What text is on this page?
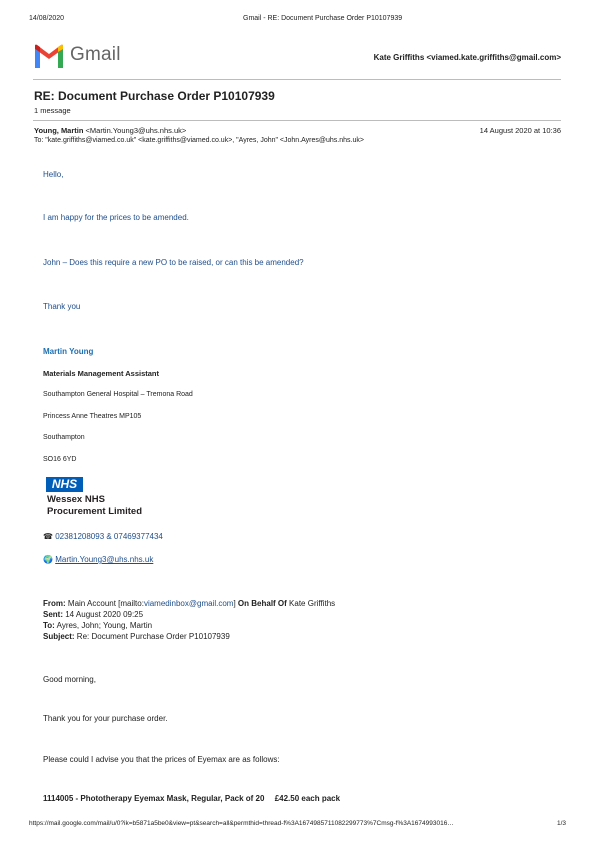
14/08/2020	Gmail - RE: Document Purchase Order P10107939
Gmail	Kate Griffiths <viamed.kate.griffiths@gmail.com>
RE: Document Purchase Order P10107939
1 message
Young, Martin <Martin.Young3@uhs.nhs.uk>	14 August 2020 at 10:36
To: "kate.griffiths@viamed.co.uk" <kate.griffiths@viamed.co.uk>, "Ayres, John" <John.Ayres@uhs.nhs.uk>
Hello,
I am happy for the prices to be amended.
John – Does this require a new PO to be raised, or can this be amended?
Thank you
Martin Young
Materials Management Assistant
Southampton General Hospital – Tremona Road
Princess Anne Theatres MP105
Southampton
SO16 6YD
NHS
Wessex NHS
Procurement Limited
☎ 02381208093 & 07469377434
🌍 Martin.Young3@uhs.nhs.uk
From: Main Account [mailto:viamedinbox@gmail.com] On Behalf Of Kate Griffiths
Sent: 14 August 2020 09:25
To: Ayres, John; Young, Martin
Subject: Re: Document Purchase Order P10107939
Good morning,
Thank you for your purchase order.
Please could I advise you that the prices of Eyemax are as follows:
1114005 - Phototherapy Eyemax Mask, Regular, Pack of 20 £42.50 each pack
https://mail.google.com/mail/u/0?ik=b5871a5be0&view=pt&search=all&permthid=thread-f%3A1674985711082299773%7Cmsg-f%3A1674993016…	1/3
